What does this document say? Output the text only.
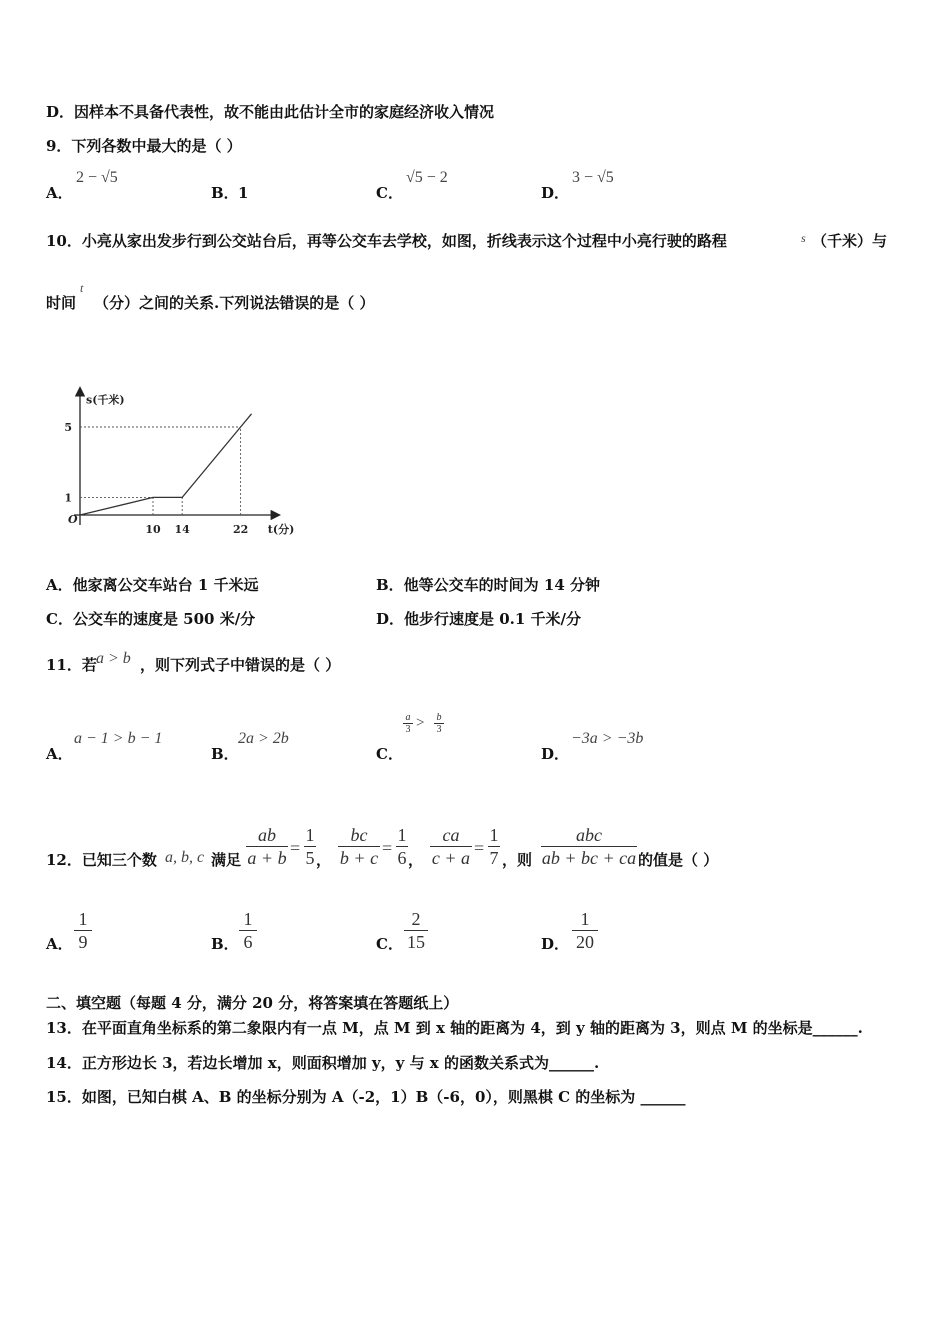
D．因样本不具备代表性，故不能由此估计全市的家庭经济收入情况
9．下列各数中最大的是（ ）
A．
2 − √5
B． 1	C．
√5 − 2
D．
3 − √5
10．小亮从家出发步行到公交站台后，再等公交车去学校，如图，折线表示这个过程中小亮行驶的路程	s （千米）与
t
时间 （分）之间的关系.下列说法错误的是（ ）
10 14	22
1
5
s(千米)
t(分)
O
A．他家离公交车站台 1 千米远	B．他等公交车的时间为 14 分钟
C．公交车的速度是 500 米/分	D．他步行速度是 0.1 千米/分
11．若 a > b ，则下列式子中错误的是（ ）
A．
a − 1 > b − 1
B．
2a > 2b
C．
a
3 > b
3
D．
−3a > −3b
12．已知三个数 a, b, c 满足
ab
a + b =
1
5 ，
bc
b + c =
1
6 ，
ca
c + a =
1
7 ，则
abc
ab + bc + ca 的值是（ ）
A．
1
9	B．
1
6	C．
2
15	D．
1
20
二、填空题（每题 4 分，满分 20 分，将答案填在答题纸上）
13．在平面直角坐标系的第二象限内有一点 M，点 M 到 x 轴的距离为 4，到 y 轴的距离为 3，则点 M 的坐标是______.
14．正方形边长 3，若边长增加 x，则面积增加 y，y 与 x 的函数关系式为______.
15．如图，已知白棋 A、B 的坐标分别为 A（-2，1）B（-6，0），则黑棋 C 的坐标为 ______
